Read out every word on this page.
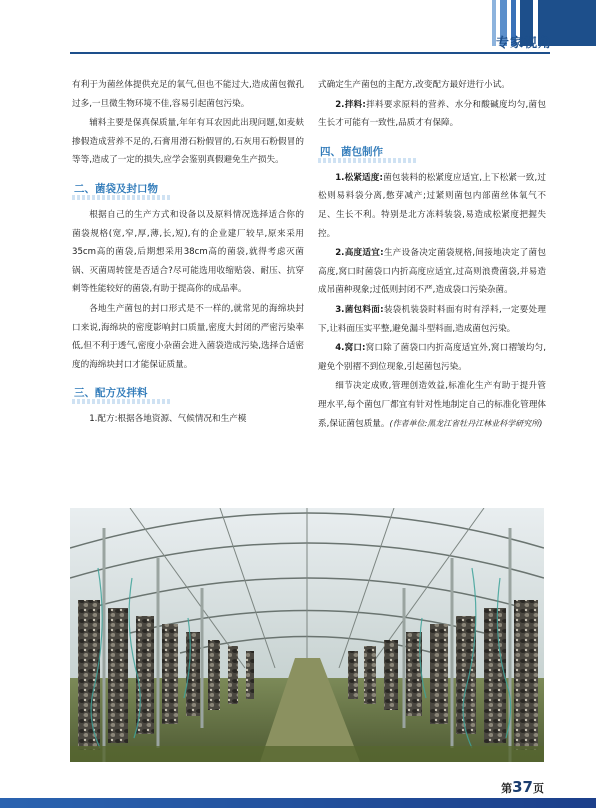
专家视角

有利于为菌丝体提供充足的氧气,但也不能过大,造成菌包微孔过多,一旦微生物环境不佳,容易引起菌包污染。

辅料主要是保真保质量,年年有耳农因此出现问题,如麦麸掺假造成营养不足的,石膏用滑石粉假冒的,石灰用石粉假冒的等等,造成了一定的损失,应学会鉴别真假避免生产损失。

二、菌袋及封口物

根据自己的生产方式和设备以及原料情况选择适合你的菌袋规格(宽,窄,厚,薄,长,短),有的企业建厂较早,原来采用35cm高的菌袋,后期想采用38cm高的菌袋,就得考虑灭菌锅、灭菌周转筐是否适合?尽可能选用收缩贴袋、耐压、抗穿刺等性能较好的菌袋,有助于提高你的成品率。

各地生产菌包的封口形式是不一样的,就常见的海绵块封口来说,海绵块的密度影响封口质量,密度大封闭的严密污染率低,但不利于透气,密度小杂菌会进入菌袋造成污染,选择合适密度的海绵块封口才能保证质量。

三、配方及拌料

1.配方:根据各地资源、气候情况和生产模

式确定生产菌包的主配方,改变配方最好进行小试。

2.拌料:拌料要求原料的营养、水分和酸碱度均匀,菌包生长才可能有一致性,品质才有保障。

四、菌包制作

1.松紧适度:菌包装料的松紧度应适宜,上下松紧一致,过松则易料袋分离,憋芽减产;过紧则菌包内部菌丝体氧气不足、生长不利。特别是北方冻料装袋,易造成松紧度把握失控。

2.高度适宜:生产设备决定菌袋规格,间接地决定了菌包高度,窝口时菌袋口内折高度应适宜,过高则浪费菌袋,并易造成吊菌种现象;过低则封闭不严,造成袋口污染杂菌。

3.菌包料面:装袋机装袋时料面有时有浮料,一定要处理下,让料面压实平整,避免漏斗型料面,造成菌包污染。

4.窝口:窝口除了菌袋口内折高度适宜外,窝口褶皱均匀,避免个别褶不到位现象,引起菌包污染。

细节决定成败,管理创造效益,标准化生产有助于提升管理水平,每个菌包厂都宜有针对性地制定自己的标准化管理体系,保证菌包质量。(作者单位:黑龙江省牡丹江林业科学研究所)

第37页
